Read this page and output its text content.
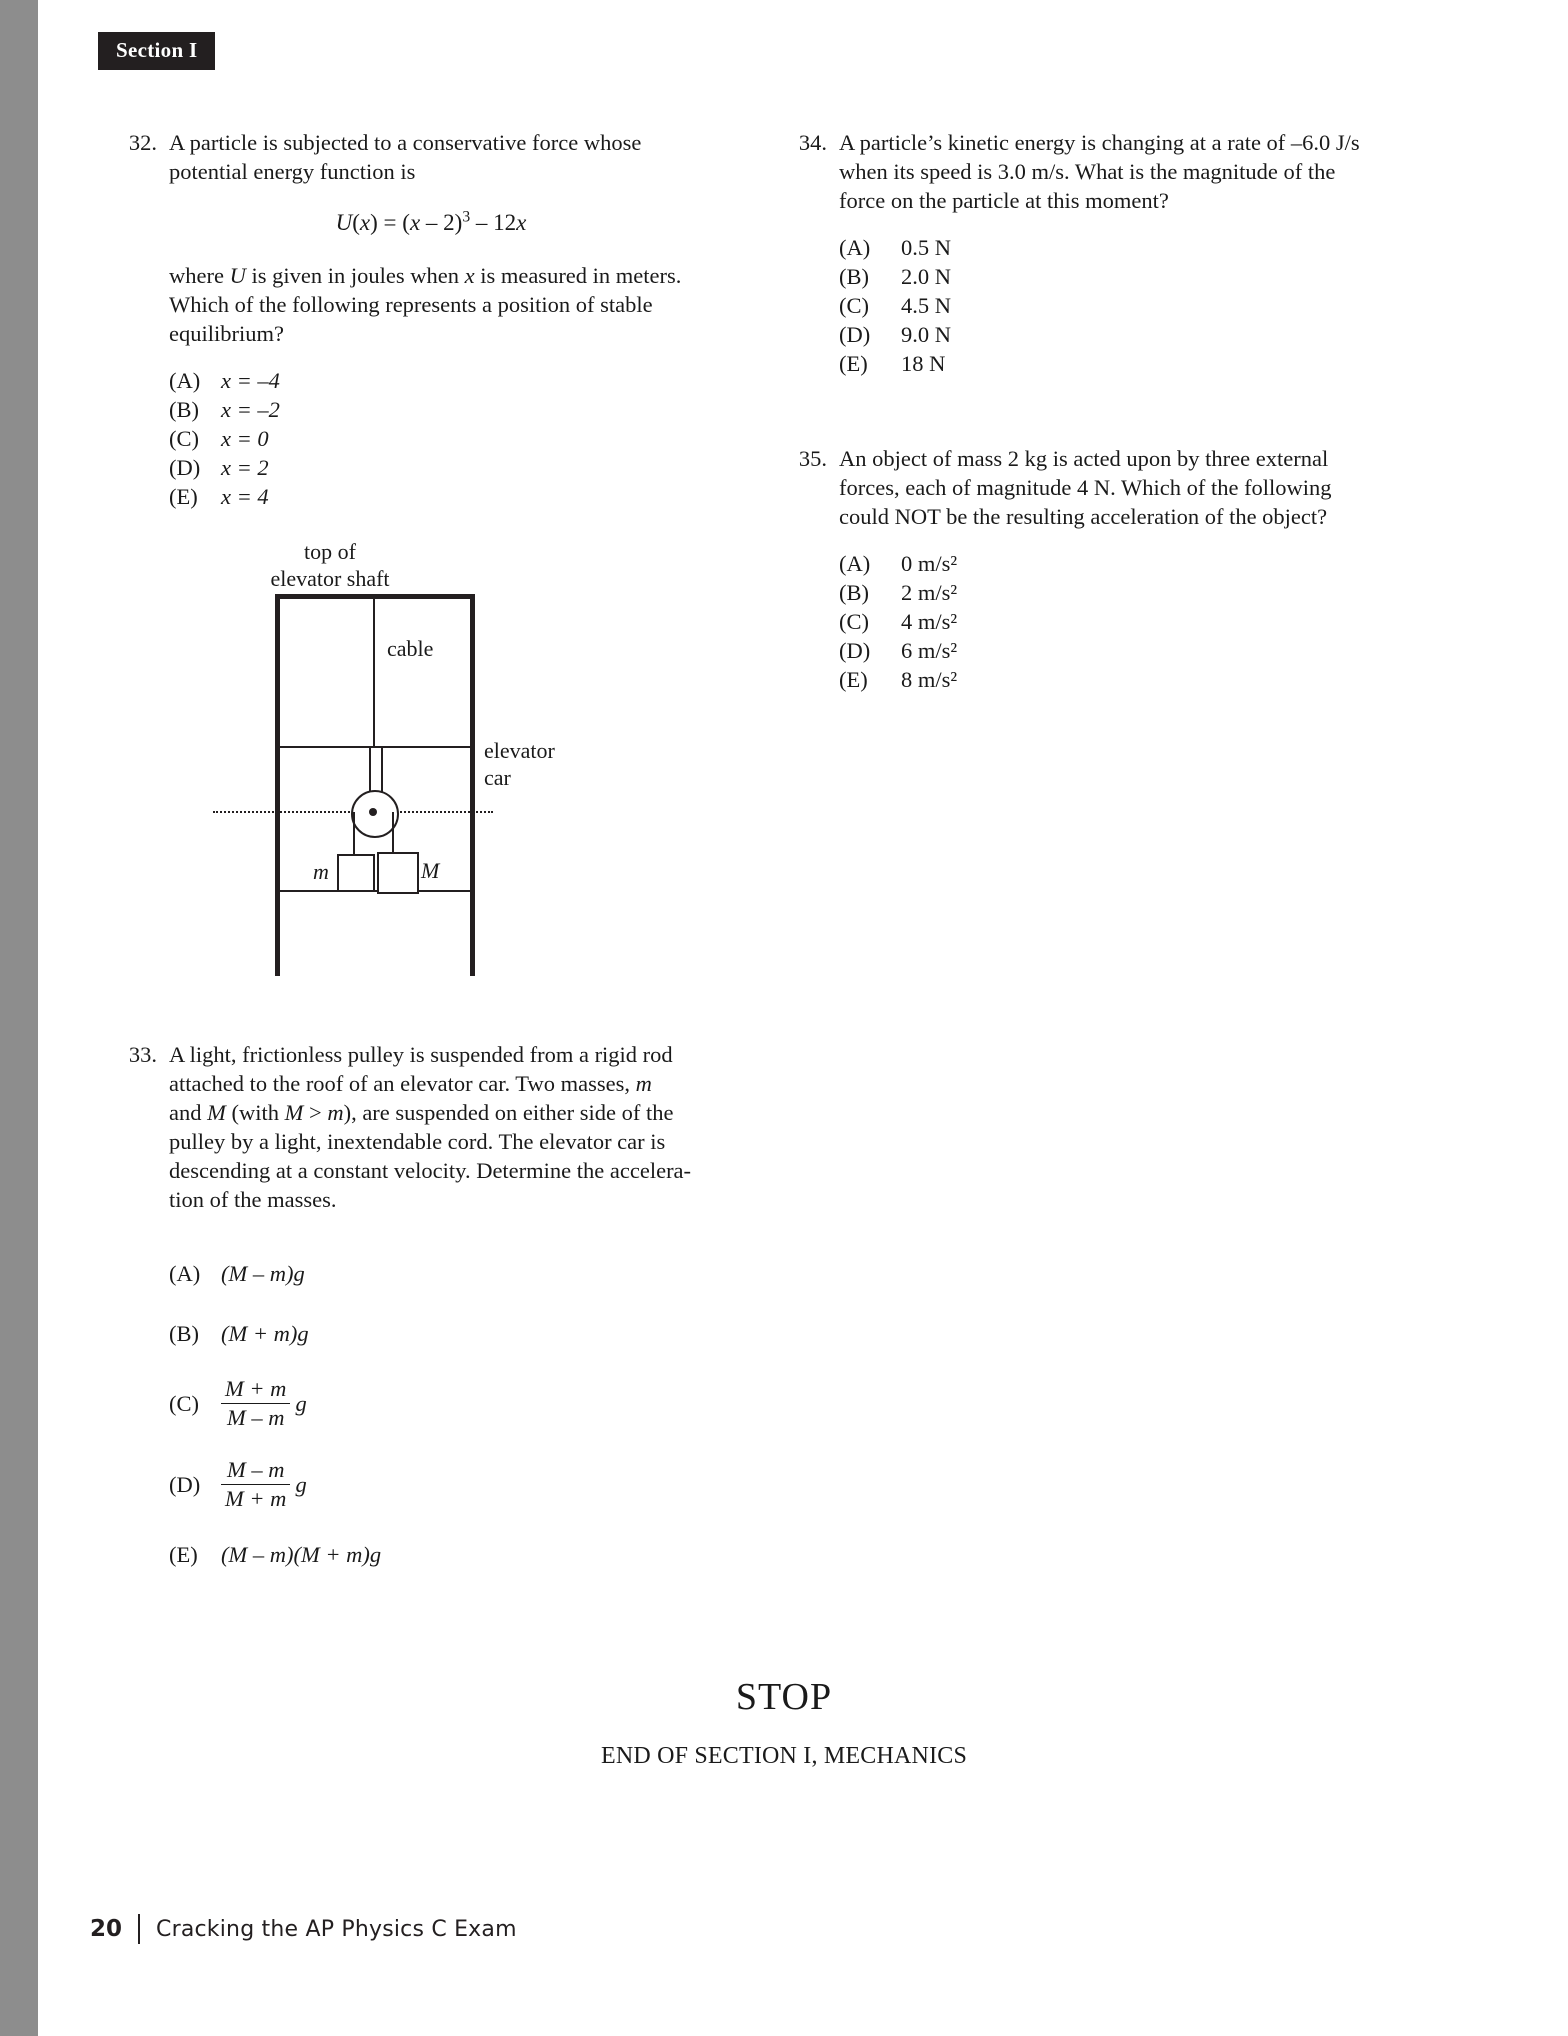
Section I
32. A particle is subjected to a conservative force whose
potential energy function is
U(x) = (x – 2)$^3$ – 12x
where U is given in joules when x is measured in meters.
Which of the following represents a position of stable
equilibrium?
(A) x = –4
(B) x = –2
(C) x = 0
(D) x = 2
(E)	x = 4
top of
elevator shaft
cable
m	M
elevator
car
33. A light, frictionless pulley is suspended from a rigid rod
attached to the roof of an elevator car. Two masses, m
and M (with M > m), are suspended on either side of the
pulley by a light, inextendable cord. The elevator car is
descending at a constant velocity. Determine the accelera-
tion of the masses.
(A) (M – m)g
(B) (M + m)g
$(C) \frac{M + m}{M - m}$ g
$(D) \frac{M - m}{M + m}$ g
(E)	(M – m)(M + m)g
34. A particle’s kinetic energy is changing at a rate of –6.0 J/s
when its speed is 3.0 m/s. What is the magnitude of the
force on the particle at this moment?
(A)	0.5 N
(B)	2.0 N
(C)	4.5 N
(D)	9.0 N
(E)	18 N
35. An object of mass 2 kg is acted upon by three external
forces, each of magnitude 4 N. Which of the following
could NOT be the resulting acceleration of the object?
(A)	0 m/s²
(B)	2 m/s²
(C)	4 m/s²
(D)	6 m/s²
(E)	8 m/s²
STOP
END OF SECTION I, MECHANICS
20 Cracking the AP Physics C Exam
